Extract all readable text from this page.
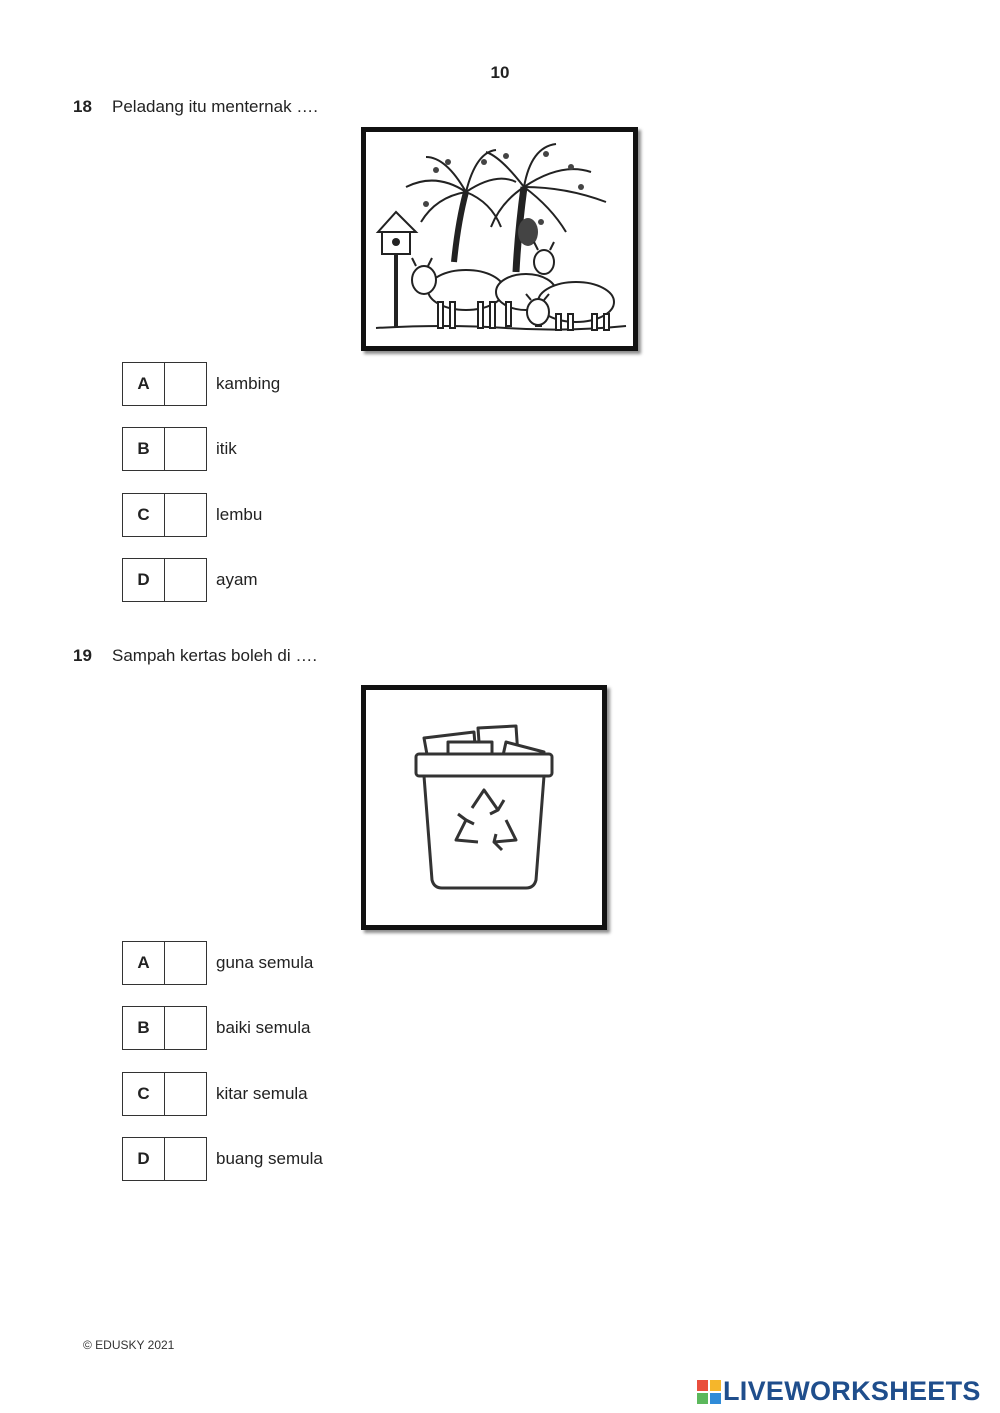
10
18 Peladang itu menternak ….
A	kambing
B	itik
C	lembu
D	ayam
19 Sampah kertas boleh di ….
A	guna semula
B	baiki semula
C	kitar semula
D	buang semula
© EDUSKY 2021
LIVEWORKSHEETS
